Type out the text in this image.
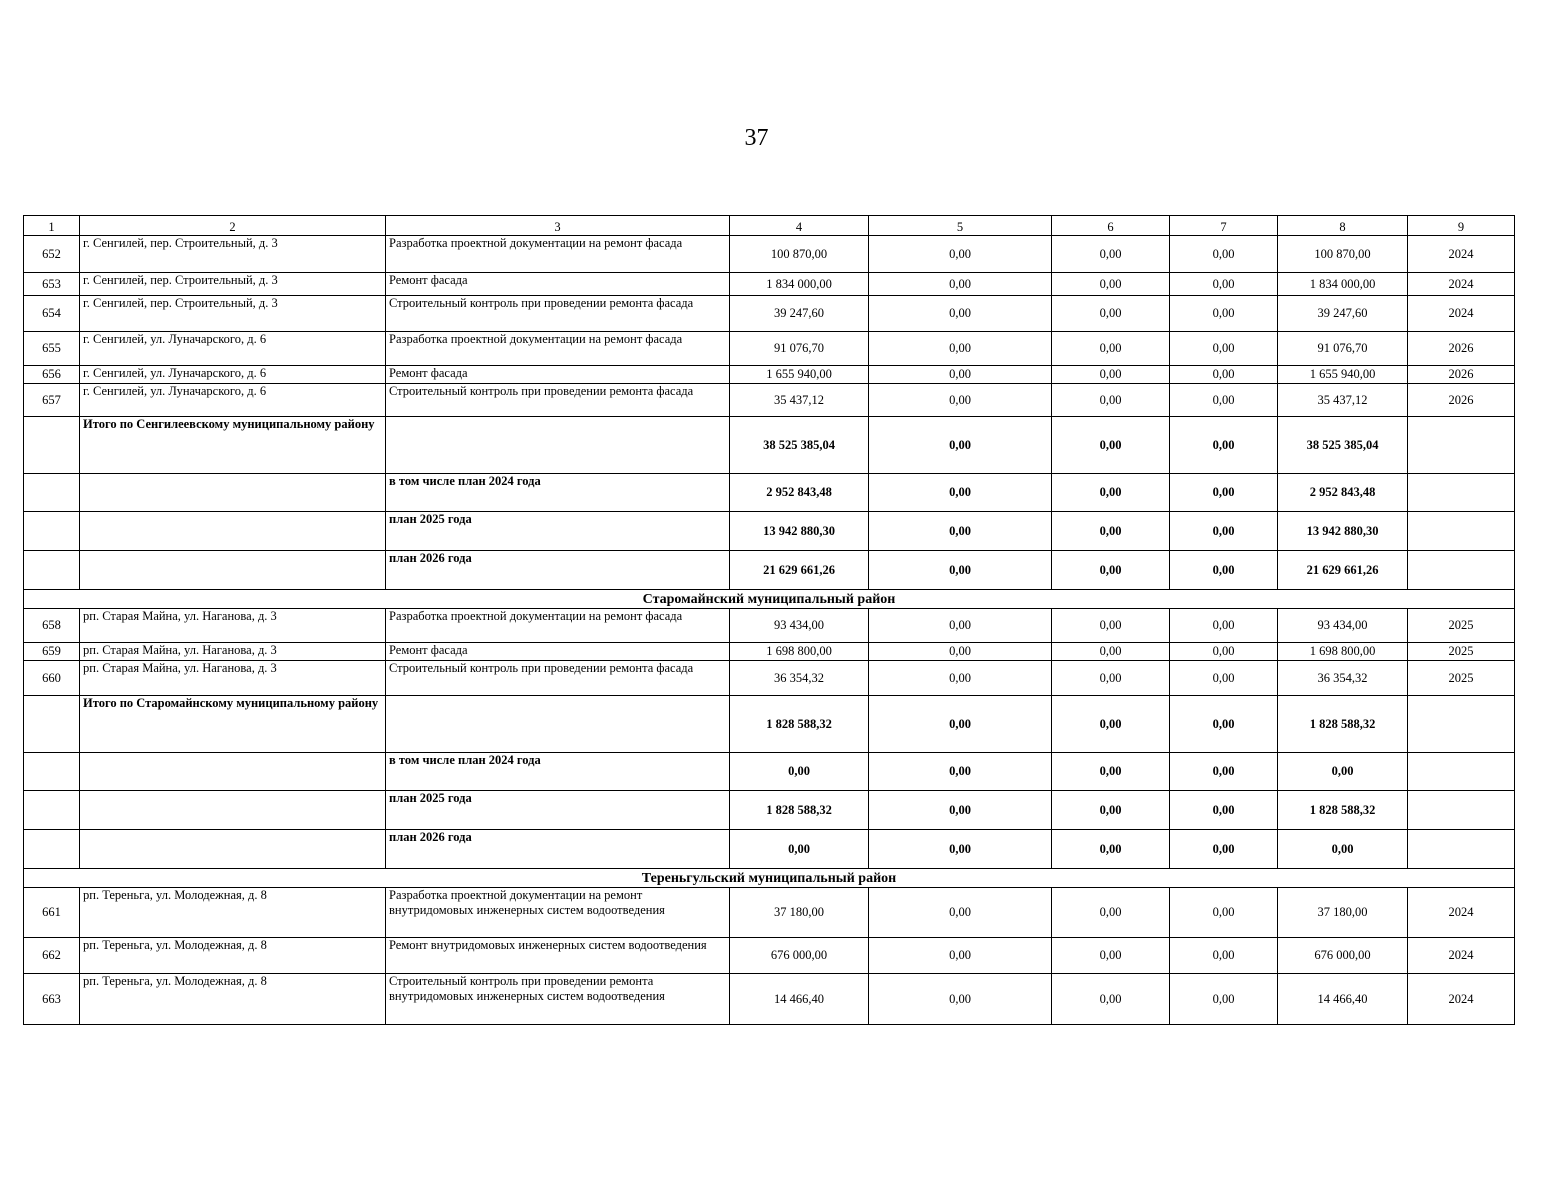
37
1	2	3	4	5	6	7	8	9
652	г. Сенгилей, пер. Строительный, д. 3	Разработка проектной документации на ремонт фасада	100 870,00	0,00	0,00	0,00	100 870,00	2024
653	г. Сенгилей, пер. Строительный, д. 3	Ремонт фасада	1 834 000,00	0,00	0,00	0,00	1 834 000,00	2024
654	г. Сенгилей, пер. Строительный, д. 3	Строительный контроль при проведении ремонта фасада	39 247,60	0,00	0,00	0,00	39 247,60	2024
655	г. Сенгилей, ул. Луначарского, д. 6	Разработка проектной документации на ремонт фасада	91 076,70	0,00	0,00	0,00	91 076,70	2026
656	г. Сенгилей, ул. Луначарского, д. 6	Ремонт фасада	1 655 940,00	0,00	0,00	0,00	1 655 940,00	2026
657	г. Сенгилей, ул. Луначарского, д. 6	Строительный контроль при проведении ремонта фасада	35 437,12	0,00	0,00	0,00	35 437,12	2026
	Итого по Сенгилеевскому муниципальному району		38 525 385,04	0,00	0,00	0,00	38 525 385,04	
		в том числе план 2024 года	2 952 843,48	0,00	0,00	0,00	2 952 843,48	
		план 2025 года	13 942 880,30	0,00	0,00	0,00	13 942 880,30	
		план 2026 года	21 629 661,26	0,00	0,00	0,00	21 629 661,26	
Старомайнский муниципальный район								
658	рп. Старая Майна, ул. Наганова, д. 3	Разработка проектной документации на ремонт фасада	93 434,00	0,00	0,00	0,00	93 434,00	2025
659	рп. Старая Майна, ул. Наганова, д. 3	Ремонт фасада	1 698 800,00	0,00	0,00	0,00	1 698 800,00	2025
660	рп. Старая Майна, ул. Наганова, д. 3	Строительный контроль при проведении ремонта фасада	36 354,32	0,00	0,00	0,00	36 354,32	2025
	Итого по Старомайнскому муниципальному району		1 828 588,32	0,00	0,00	0,00	1 828 588,32	
		в том числе план 2024 года	0,00	0,00	0,00	0,00	0,00	
		план 2025 года	1 828 588,32	0,00	0,00	0,00	1 828 588,32	
		план 2026 года	0,00	0,00	0,00	0,00	0,00	
Тереньгульский муниципальный район								
661	рп. Тереньга, ул. Молодежная, д. 8	Разработка проектной документации на ремонт внутридомовых инженерных систем водоотведения	37 180,00	0,00	0,00	0,00	37 180,00	2024
662	рп. Тереньга, ул. Молодежная, д. 8	Ремонт внутридомовых инженерных систем водоотведения	676 000,00	0,00	0,00	0,00	676 000,00	2024
663	рп. Тереньга, ул. Молодежная, д. 8	Строительный контроль при проведении ремонта внутридомовых инженерных систем водоотведения	14 466,40	0,00	0,00	0,00	14 466,40	2024
